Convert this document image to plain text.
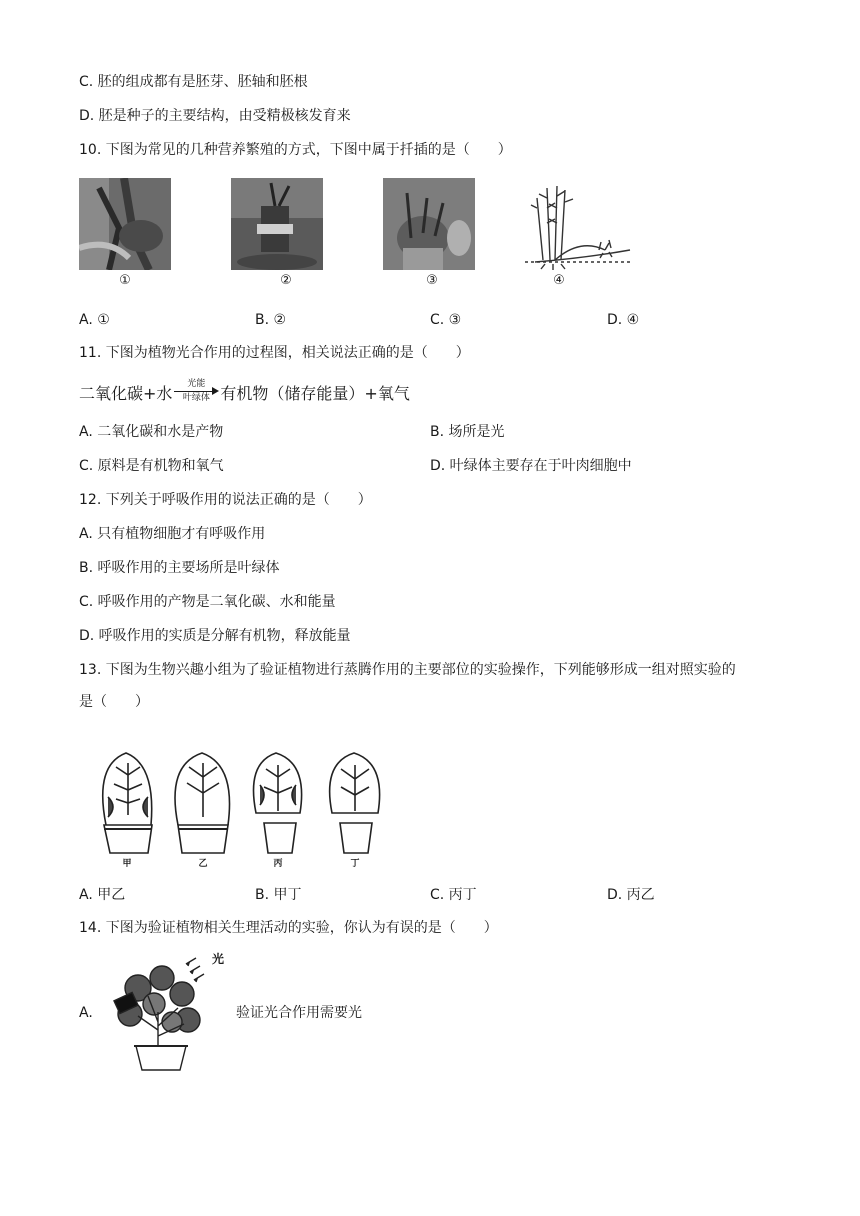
C. 胚的组成都有是胚芽、胚轴和胚根
D. 胚是种子的主要结构，由受精极核发育来
10. 下图为常见的几种营养繁殖的方式，下图中属于扦插的是（　　）
①	②	③	④
A. ①	B. ②	C. ③	D. ④
11. 下图为植物光合作用的过程图，相关说法正确的是（　　）
二氧化碳+水	光能
叶绿体 有机物（储存能量）+氧气
A. 二氧化碳和水是产物	B. 场所是光
C. 原料是有机物和氧气	D. 叶绿体主要存在于叶肉细胞中
12. 下列关于呼吸作用的说法正确的是（　　）
A. 只有植物细胞才有呼吸作用
B. 呼吸作用的主要场所是叶绿体
C. 呼吸作用的产物是二氧化碳、水和能量
D. 呼吸作用的实质是分解有机物，释放能量
13. 下图为生物兴趣小组为了验证植物进行蒸腾作用的主要部位的实验操作，下列能够形成一组对照实验的
是（　　）
甲	乙	丙	丁
A. 甲乙	B. 甲丁	C. 丙丁	D. 丙乙
14. 下图为验证植物相关生理活动的实验，你认为有误的是（　　）
A.
光
验证光合作用需要光
